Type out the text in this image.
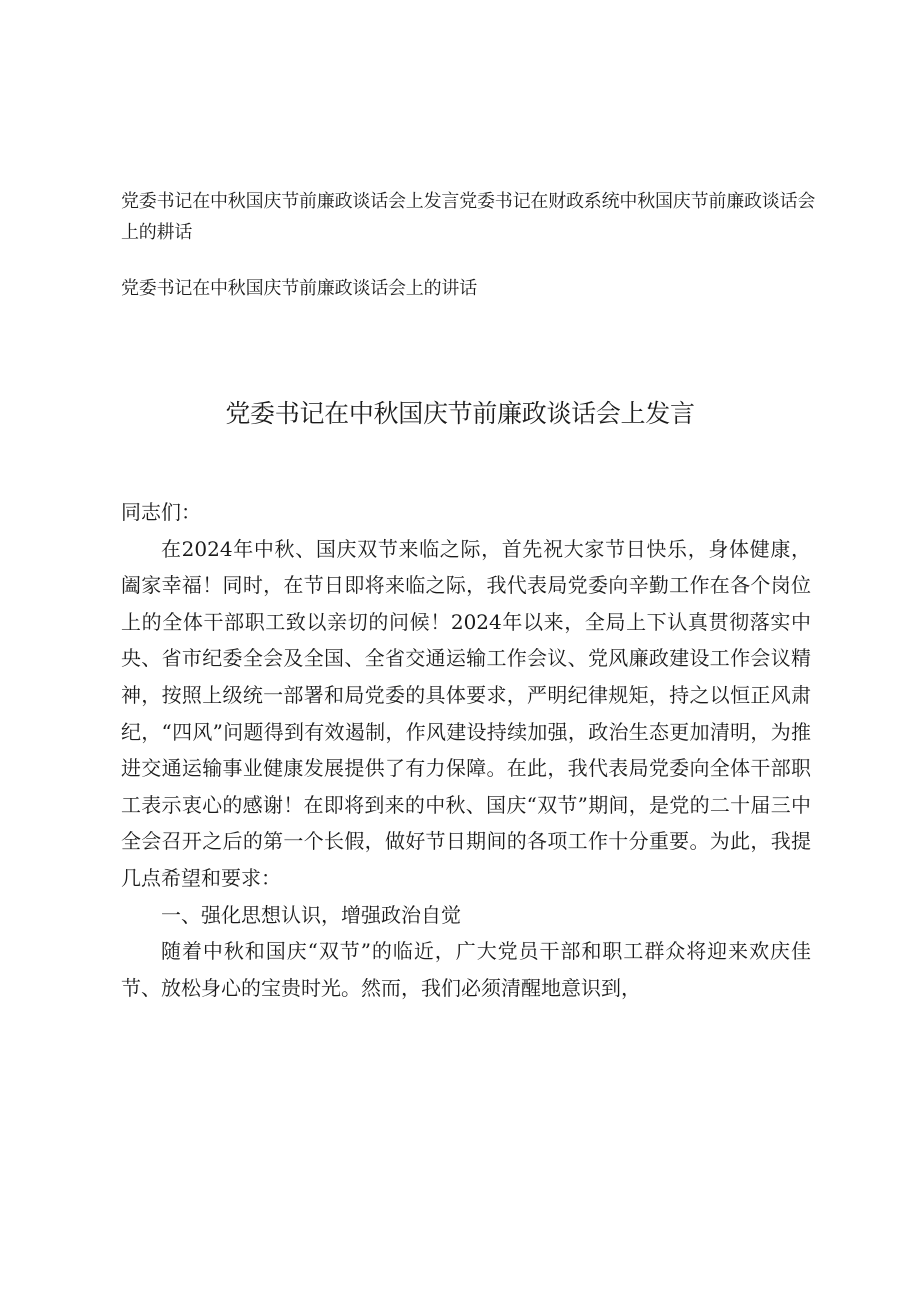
党委书记在中秋国庆节前廉政谈话会上发言党委书记在财政系统中秋国庆节前廉政谈话会上的耕话
党委书记在中秋国庆节前廉政谈话会上的讲话
党委书记在中秋国庆节前廉政谈话会上发言

同志们：

在2024年中秋、国庆双节来临之际，首先祝大家节日快乐，身体健康，阖家幸福！同时，在节日即将来临之际，我代表局党委向辛勤工作在各个岗位上的全体干部职工致以亲切的问候！2024年以来，全局上下认真贯彻落实中央、省市纪委全会及全国、全省交通运输工作会议、党风廉政建设工作会议精神，按照上级统一部署和局党委的具体要求，严明纪律规矩，持之以恒正风肃纪，“四风”问题得到有效遏制，作风建设持续加强，政治生态更加清明，为推进交通运输事业健康发展提供了有力保障。在此，我代表局党委向全体干部职工表示衷心的感谢！在即将到来的中秋、国庆“双节”期间，是党的二十届三中全会召开之后的第一个长假，做好节日期间的各项工作十分重要。为此，我提几点希望和要求：

一、强化思想认识，增强政治自觉

随着中秋和国庆“双节”的临近，广大党员干部和职工群众将迎来欢庆佳节、放松身心的宝贵时光。然而，我们必须清醒地意识到，
